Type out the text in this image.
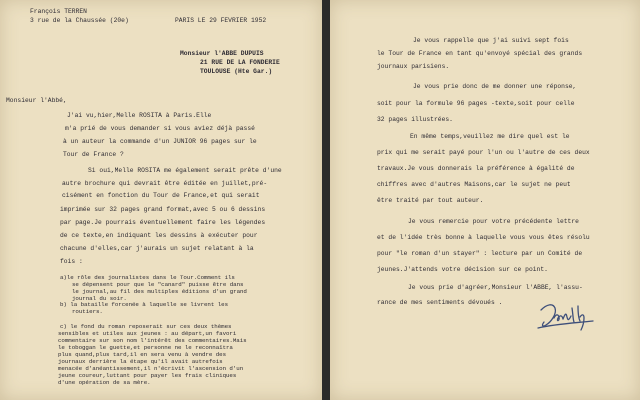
François TERREN
3 rue de la Chaussée (20e)	PARIS LE 29 FEVRIER 1952
Monsieur l'ABBE DUPUIS
21 RUE DE LA FONDERIE
TOULOUSE (Hte Gar.)
Monsieur l'Abbé,
J'ai vu,hier,Melle ROSITA à Paris.Elle
m'a prié de vous demander si vous aviez déjà passé
à un auteur la commande d'un JUNIOR 96 pages sur le
Tour de France ?
Si oui,Melle ROSITA me également serait prête d'une
autre brochure qui devrait être éditée en juillet,pré-
cisément en fonction du Tour de France,et qui serait
imprimée sur 32 pages grand format,avec 5 ou 6 dessins
par page.Je pourrais éventuellement faire les légendes
de ce texte,en indiquant les dessins à exécuter pour
chacune d'elles,car j'aurais un sujet relatant à la
fois :
a)le rôle des journalistes dans le Tour.Comment ils
se dépensent pour que le "canard" puisse être dans
le journal,au fil des multiples éditions d'un grand
journal du soir.
b) la bataille forcenée à laquelle se livrent les
routiers.
c) le fond du roman reposerait sur ces deux thèmes
sensibles et utiles aux jeunes : au départ,un favori
commentaire sur son nom l'intérêt des commentaires.Mais
le toboggan le guette,et personne ne le reconnaîtra
plus quand,plus tard,il en sera venu à vendre des
journaux derrière la étape qu'il avait autrefois
menacée d'anéantissement,il n'écrivit l'ascension d'un
jeune coureur,luttant pour payer les frais cliniques
d'une opération de sa mère.
Je vous rappelle que j'ai suivi sept fois
le Tour de France en tant qu'envoyé spécial des grands
journaux parisiens.
Je vous prie donc de me donner une réponse,
soit pour la formule 96 pages -texte,soit pour celle
32 pages illustrées.
En même temps,veuillez me dire quel est le
prix qui me serait payé pour l'un ou l'autre de ces deux
travaux.Je vous donnerais la préférence à égalité de
chiffres avec d'autres Maisons,car le sujet ne peut
être traité par tout auteur.
Je vous remercie pour votre précédente lettre
et de l'idée très bonne à laquelle vous vous êtes résolu
pour "le roman d'un stayer" : lecture par un Comité de
jeunes.J'attends votre décision sur ce point.
Je vous prie d'agréer,Monsieur l'ABBE, l'assu-
rance de mes sentiments dévoués .
